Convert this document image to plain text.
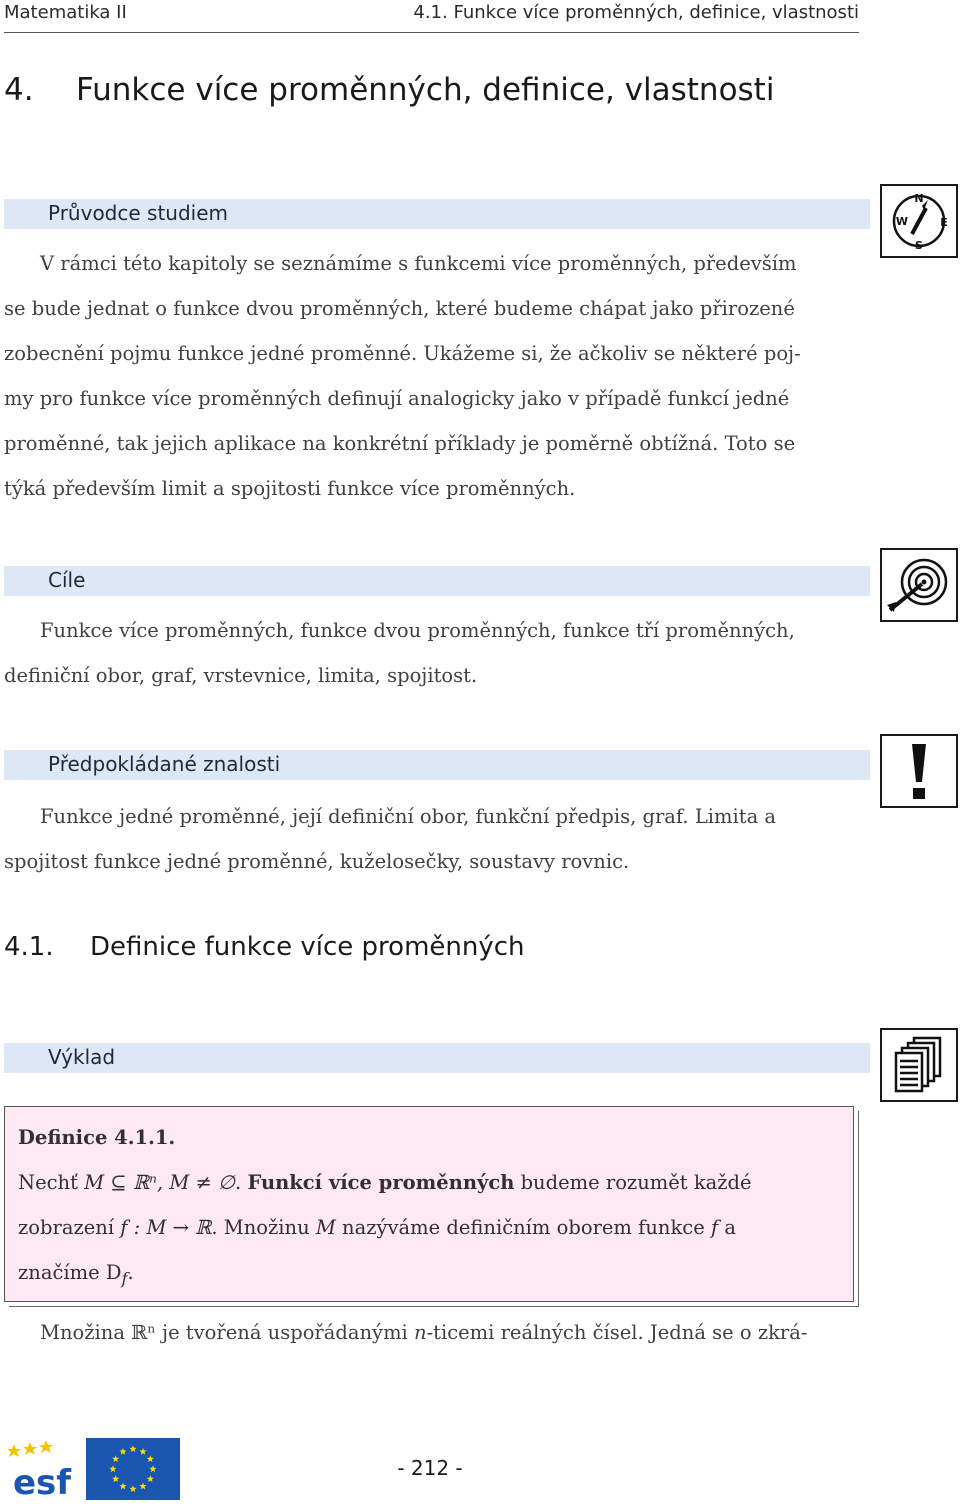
Matematika II	4.1. Funkce více proměnných, definice, vlastnosti
4. Funkce více proměnných, definice, vlastnosti
Průvodce studiem
N
S
W	E
V rámci této kapitoly se seznámíme s funkcemi více proměnných, především
se bude jednat o funkce dvou proměnných, které budeme chápat jako přirozené
zobecnění pojmu funkce jedné proměnné. Ukážeme si, že ačkoliv se některé poj-
my pro funkce více proměnných definují analogicky jako v případě funkcí jedné
proměnné, tak jejich aplikace na konkrétní příklady je poměrně obtížná. Toto se
týká především limit a spojitosti funkce více proměnných.
Cíle
Funkce více proměnných, funkce dvou proměnných, funkce tří proměnných,
definiční obor, graf, vrstevnice, limita, spojitost.
Předpokládané znalosti
Funkce jedné proměnné, její definiční obor, funkční předpis, graf. Limita a
spojitost funkce jedné proměnné, kuželosečky, soustavy rovnic.
4.1. Definice funkce více proměnných
Výklad
Definice 4.1.1.
Nechť M ⊆ ℝⁿ, M ≠ ∅. Funkcí více proměnných budeme rozumět každé
zobrazení f : M → ℝ. Množinu M nazýváme definičním oborem funkce f a
značíme $D_f$.
Množina ℝⁿ je tvořená uspořádanými n-ticemi reálných čísel. Jedná se o zkrá-
esf	- 212 -
